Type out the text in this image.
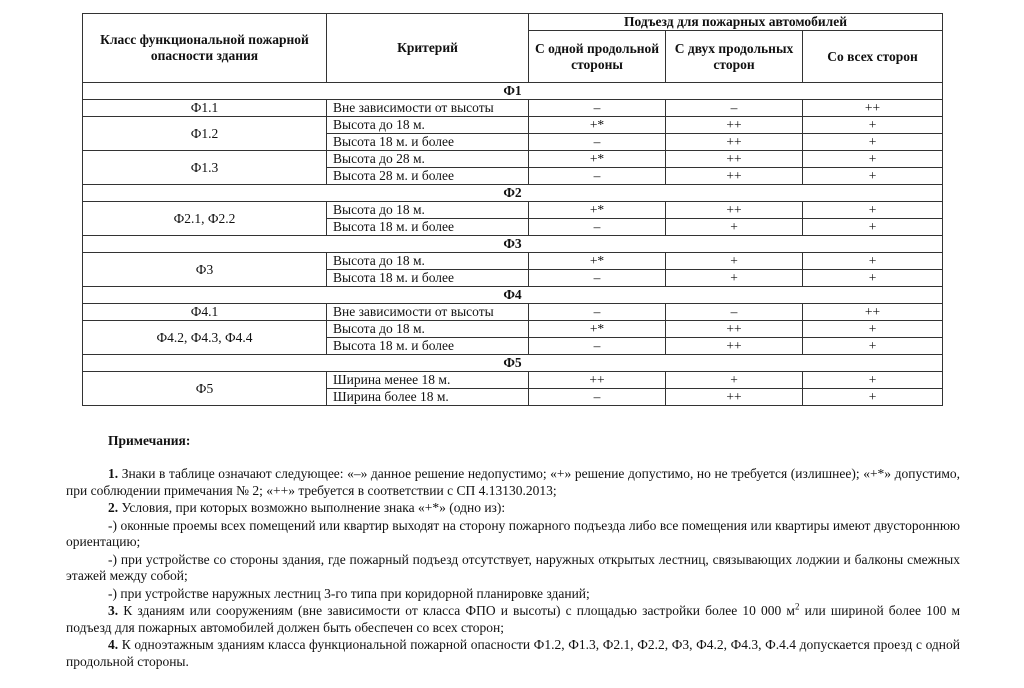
Класс функциональной пожарной опасности здания	Критерий	Подъезд для пожарных автомобилей		
		С одной продольной стороны	С двух продольных сторон	Со всех сторон
Ф1				
Ф1.1	Вне зависимости от высоты	–	–	++
Ф1.2	Высота до 18 м.	+*	++	+
	Высота 18 м. и более	–	++	+
Ф1.3	Высота до 28 м.	+*	++	+
	Высота 28 м. и более	–	++	+
Ф2				
Ф2.1, Ф2.2	Высота до 18 м.	+*	++	+
	Высота 18 м. и более	–	+	+
Ф3				
Ф3	Высота до 18 м.	+*	+	+
	Высота 18 м. и более	–	+	+
Ф4				
Ф4.1	Вне зависимости от высоты	–	–	++
Ф4.2, Ф4.3, Ф4.4	Высота до 18 м.	+*	++	+
	Высота 18 м. и более	–	++	+
Ф5				
Ф5	Ширина менее 18 м.	++	+	+
	Ширина более 18 м.	–	++	+
Примечания:

1. Знаки в таблице означают следующее: «–» данное решение недопустимо; «+» решение допустимо, но не требуется (излишнее); «+*» допустимо, при соблюдении примечания № 2; «++» требуется в соответствии с СП 4.13130.2013;

2. Условия, при которых возможно выполнение знака «+*» (одно из):

-) оконные проемы всех помещений или квартир выходят на сторону пожарного подъезда либо все помещения или квартиры имеют двустороннюю ориентацию;

-) при устройстве со стороны здания, где пожарный подъезд отсутствует, наружных открытых лестниц, связывающих лоджии и балконы смежных этажей между собой;

-) при устройстве наружных лестниц 3-го типа при коридорной планировке зданий;

3. К зданиям или сооружениям (вне зависимости от класса ФПО и высоты) с площадью застройки более 10 000 $м^2$ или шириной более 100 м подъезд для пожарных автомобилей должен быть обеспечен со всех сторон;

4. К одноэтажным зданиям класса функциональной пожарной опасности Ф1.2, Ф1.3, Ф2.1, Ф2.2, Ф3, Ф4.2, Ф4.3, Ф.4.4 допускается проезд с одной продольной стороны.
